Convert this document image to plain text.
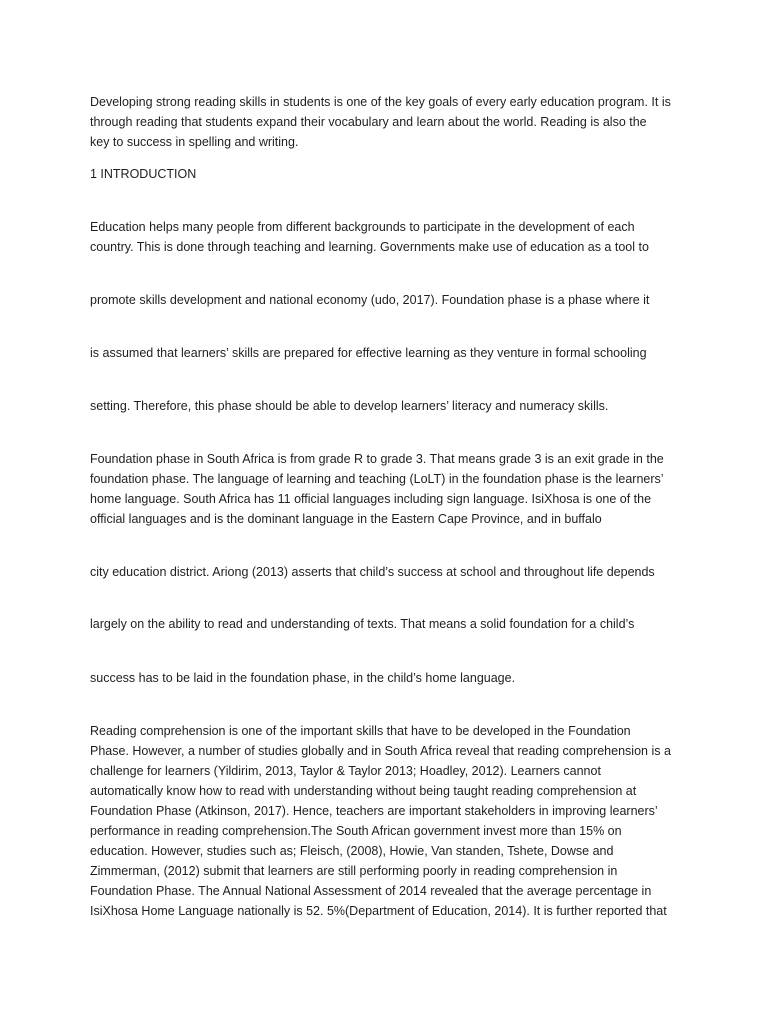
Developing strong reading skills in students is one of the key goals of every early education program. It is
through reading that students expand their vocabulary and learn about the world. Reading is also the
key to success in spelling and writing.
1 INTRODUCTION
Education helps many people from different backgrounds to participate in the development of each
country. This is done through teaching and learning. Governments make use of education as a tool to
promote skills development and national economy (udo, 2017). Foundation phase is a phase where it
is assumed that learners’ skills are prepared for effective learning as they venture in formal schooling
setting. Therefore, this phase should be able to develop learners’ literacy and numeracy skills.
Foundation phase in South Africa is from grade R to grade 3. That means grade 3 is an exit grade in the
foundation phase. The language of learning and teaching (LoLT) in the foundation phase is the learners’
home language. South Africa has 11 official languages including sign language. IsiXhosa is one of the
official languages and is the dominant language in the Eastern Cape Province, and in buffalo
city education district. Ariong (2013) asserts that child’s success at school and throughout life depends
largely on the ability to read and understanding of texts. That means a solid foundation for a child’s
success has to be laid in the foundation phase, in the child’s home language.
Reading comprehension is one of the important skills that have to be developed in the Foundation
Phase. However, a number of studies globally and in South Africa reveal that reading comprehension is a
challenge for learners (Yildirim, 2013, Taylor & Taylor 2013; Hoadley, 2012). Learners cannot
automatically know how to read with understanding without being taught reading comprehension at
Foundation Phase (Atkinson, 2017). Hence, teachers are important stakeholders in improving learners’
performance in reading comprehension.The South African government invest more than 15% on
education. However, studies such as; Fleisch, (2008), Howie, Van standen, Tshete, Dowse and
Zimmerman, (2012) submit that learners are still performing poorly in reading comprehension in
Foundation Phase. The Annual National Assessment of 2014 revealed that the average percentage in
IsiXhosa Home Language nationally is 52. 5%(Department of Education, 2014). It is further reported that
